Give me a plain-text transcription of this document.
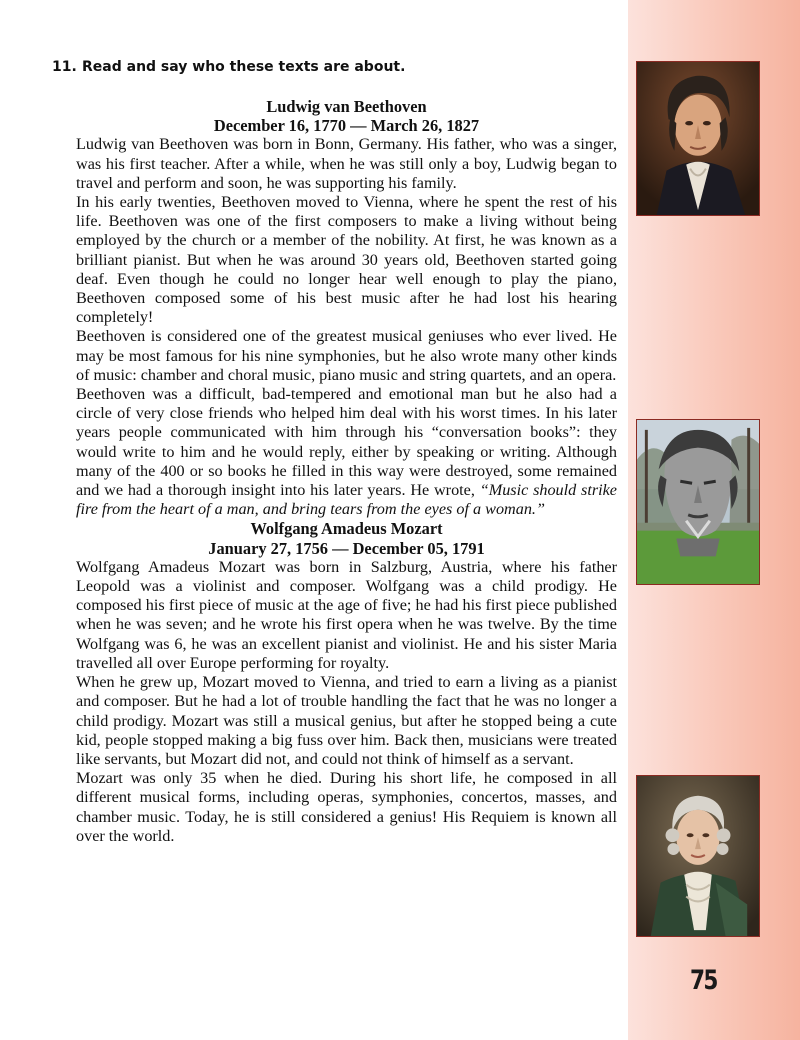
11. Read and say who these texts are about.
Ludwig van Beethoven
December 16, 1770 — March 26, 1827

Ludwig van Beethoven was born in Bonn, Germany. His father, who was a singer, was his first teacher. After a while, when he was still only a boy, Ludwig began to travel and perform and soon, he was supporting his family.

In his early twenties, Beethoven moved to Vienna, where he spent the rest of his life. Beethoven was one of the first composers to make a living without being employed by the church or a member of the nobility. At first, he was known as a brilliant pianist. But when he was around 30 years old, Beethoven started going deaf. Even though he could no longer hear well enough to play the piano, Beethoven composed some of his best music after he had lost his hearing completely!

Beethoven is considered one of the greatest musical geniuses who ever lived. He may be most famous for his nine symphonies, but he also wrote many other kinds of music: chamber and choral music, piano music and string quartets, and an opera.

Beethoven was a difficult, bad-tempered and emotional man but he also had a circle of very close friends who helped him deal with his worst times. In his later years people communicated with him through his “conversation books”: they would write to him and he would reply, either by speaking or writing. Although many of the 400 or so books he filled in this way were destroyed, some remained and we had a thorough insight into his later years. He wrote, “Music should strike fire from the heart of a man, and bring tears from the eyes of a woman.”

Wolfgang Amadeus Mozart
January 27, 1756 — December 05, 1791

Wolfgang Amadeus Mozart was born in Salzburg, Austria, where his father Leopold was a violinist and composer. Wolfgang was a child prodigy. He composed his first piece of music at the age of five; he had his first piece published when he was seven; and he wrote his first opera when he was twelve. By the time Wolfgang was 6, he was an excellent pianist and violinist. He and his sister Maria travelled all over Europe performing for royalty.

When he grew up, Mozart moved to Vienna, and tried to earn a living as a pianist and composer. But he had a lot of trouble handling the fact that he was no longer a child prodigy. Mozart was still a musical genius, but after he stopped being a cute kid, people stopped making a big fuss over him. Back then, musicians were treated like servants, but Mozart did not, and could not think of himself as a servant.

Mozart was only 35 when he died. During his short life, he composed in all different musical forms, including operas, symphonies, concertos, masses, and chamber music. Today, he is still considered a genius! His Requiem is known all over the world.

75
